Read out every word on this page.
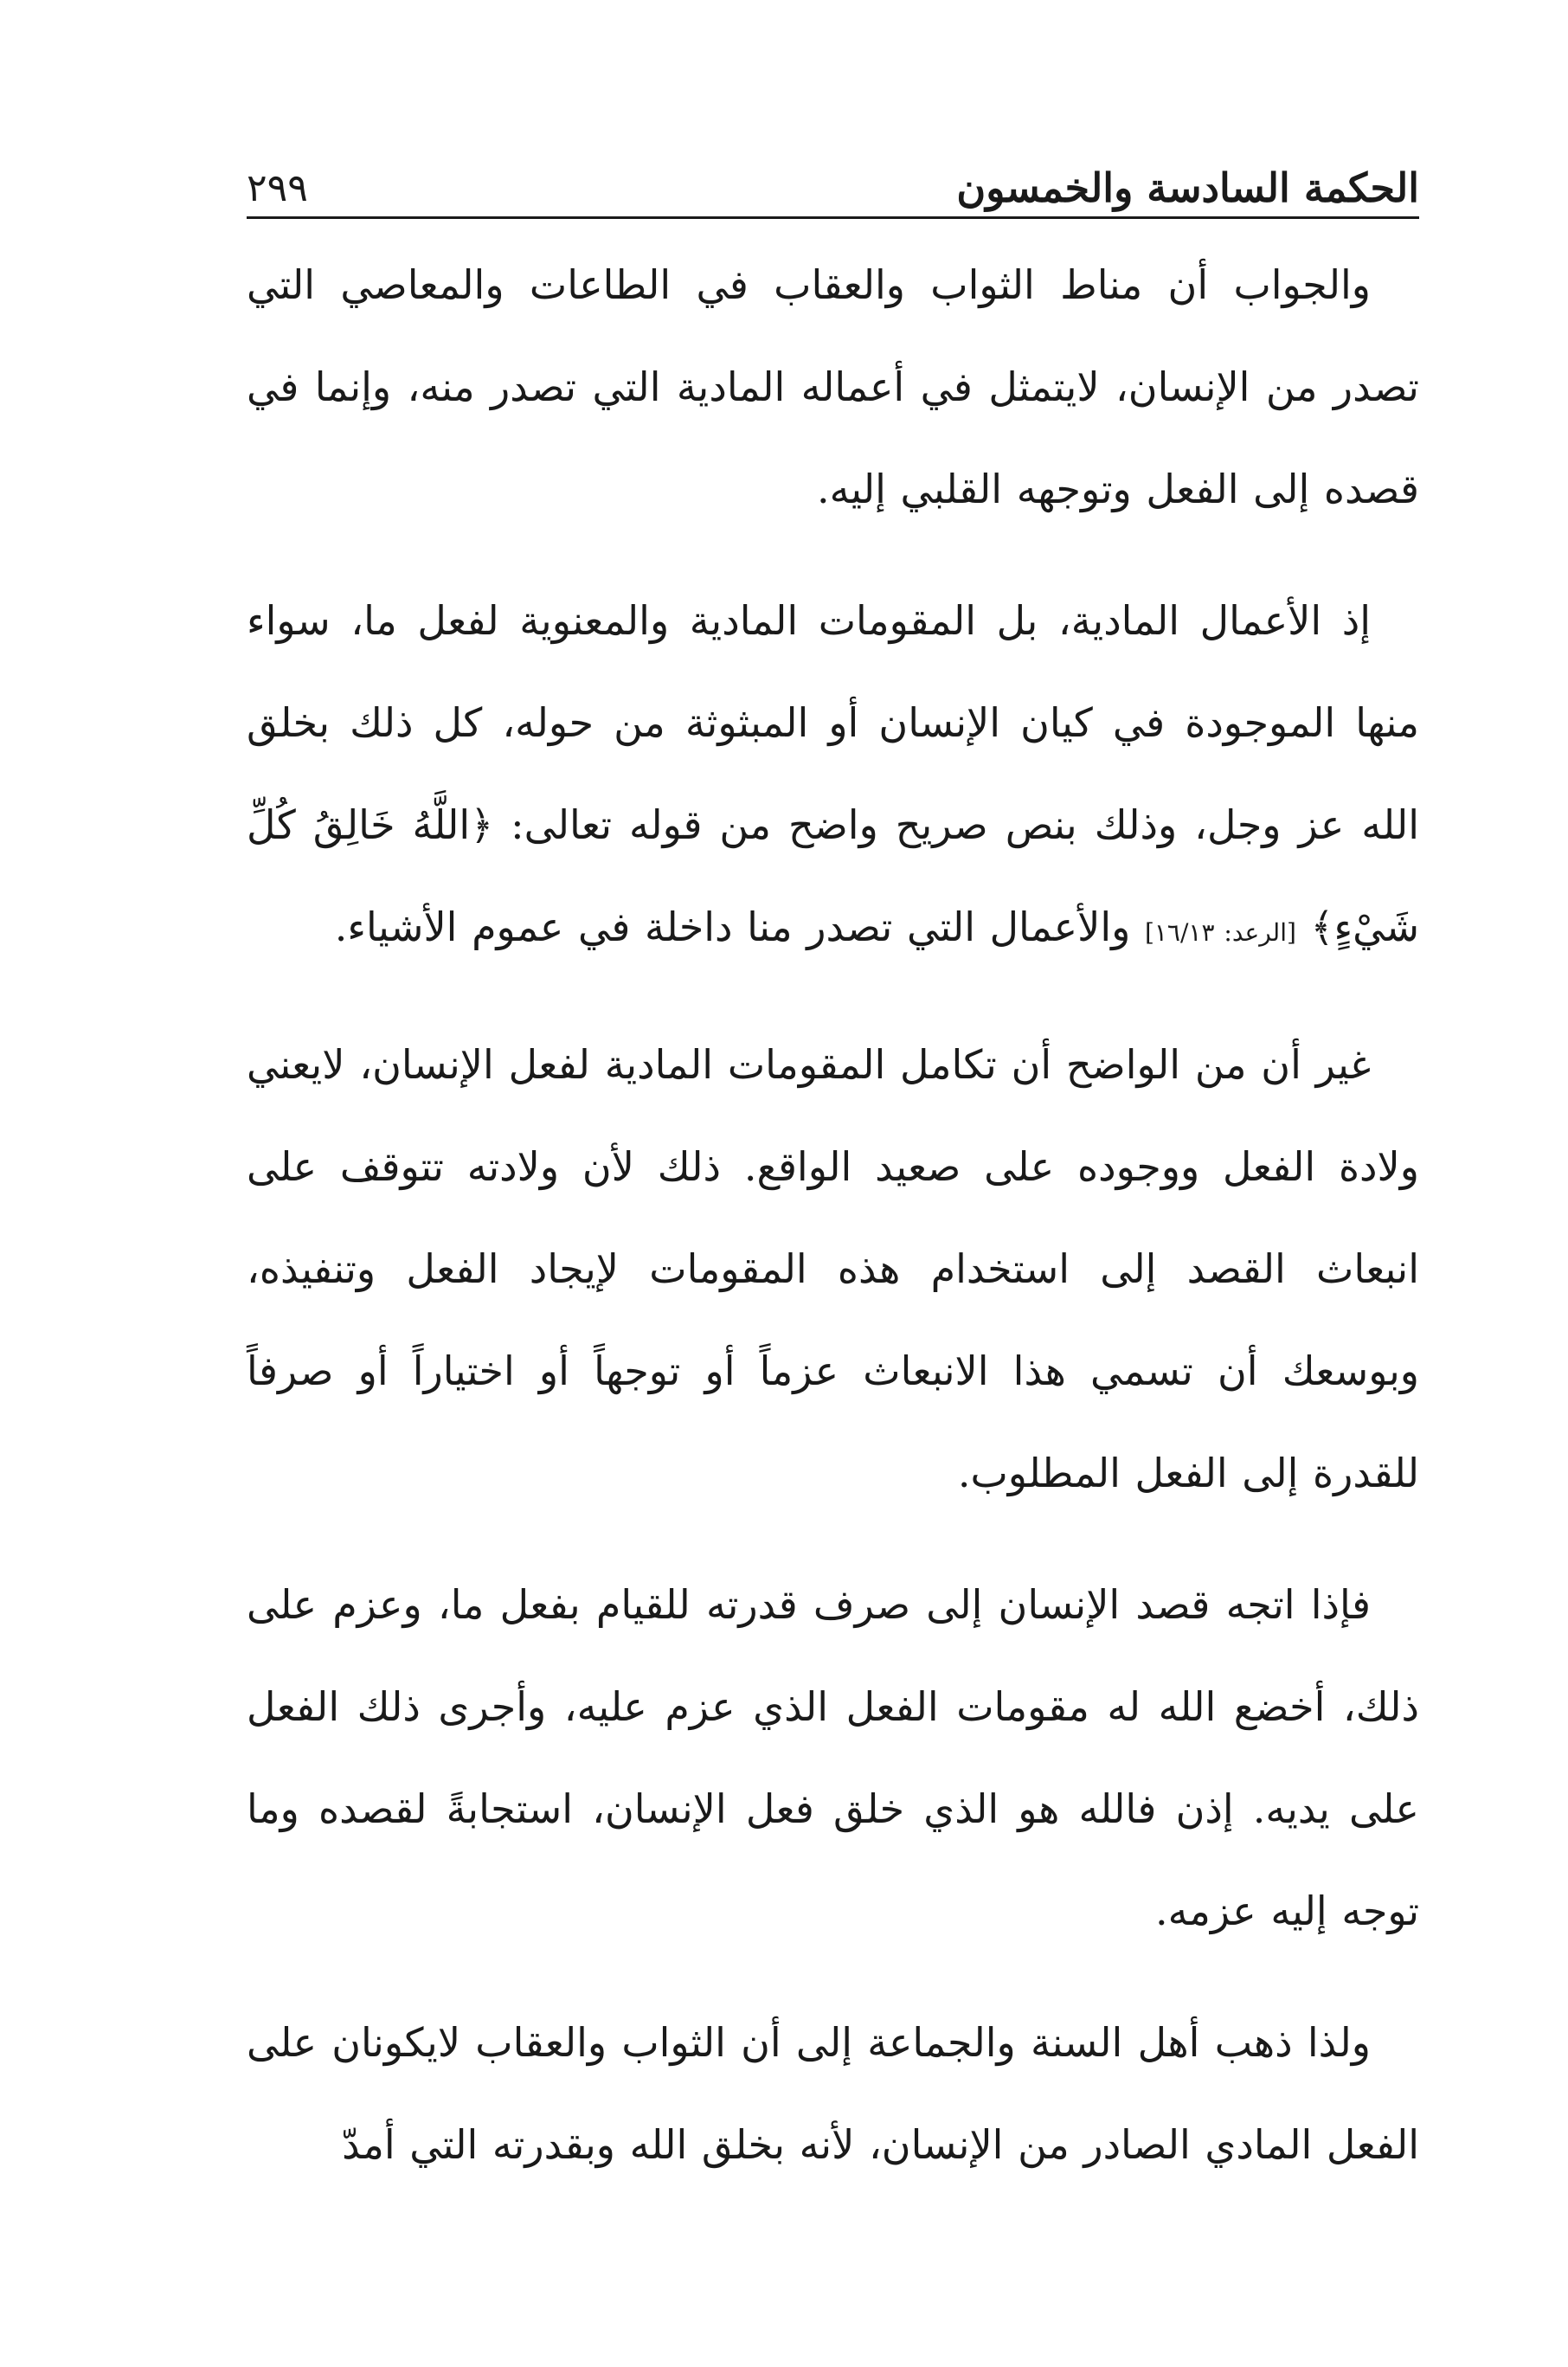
الحكمة السادسة والخمسون
٢٩٩

والجواب أن مناط الثواب والعقاب في الطاعات والمعاصي التي تصدر من الإنسان، لايتمثل في أعماله المادية التي تصدر منه، وإنما في قصده إلى الفعل وتوجهه القلبي إليه.

إذ الأعمال المادية، بل المقومات المادية والمعنوية لفعل ما، سواء منها الموجودة في كيان الإنسان أو المبثوثة من حوله، كل ذلك بخلق الله عز وجل، وذلك بنص صريح واضح من قوله تعالى: ﴿اللَّهُ خَالِقُ كُلِّ شَيْءٍ﴾ [الرعد: ١٦/١٣] والأعمال التي تصدر منا داخلة في عموم الأشياء.

غير أن من الواضح أن تكامل المقومات المادية لفعل الإنسان، لايعني ولادة الفعل ووجوده على صعيد الواقع. ذلك لأن ولادته تتوقف على انبعاث القصد إلى استخدام هذه المقومات لإيجاد الفعل وتنفيذه، وبوسعك أن تسمي هذا الانبعاث عزماً أو توجهاً أو اختياراً أو صرفاً للقدرة إلى الفعل المطلوب.

فإذا اتجه قصد الإنسان إلى صرف قدرته للقيام بفعل ما، وعزم على ذلك، أخضع الله له مقومات الفعل الذي عزم عليه، وأجرى ذلك الفعل على يديه. إذن فالله هو الذي خلق فعل الإنسان، استجابةً لقصده وما توجه إليه عزمه.

ولذا ذهب أهل السنة والجماعة إلى أن الثواب والعقاب لايكونان على الفعل المادي الصادر من الإنسان، لأنه بخلق الله وبقدرته التي أمدّ
